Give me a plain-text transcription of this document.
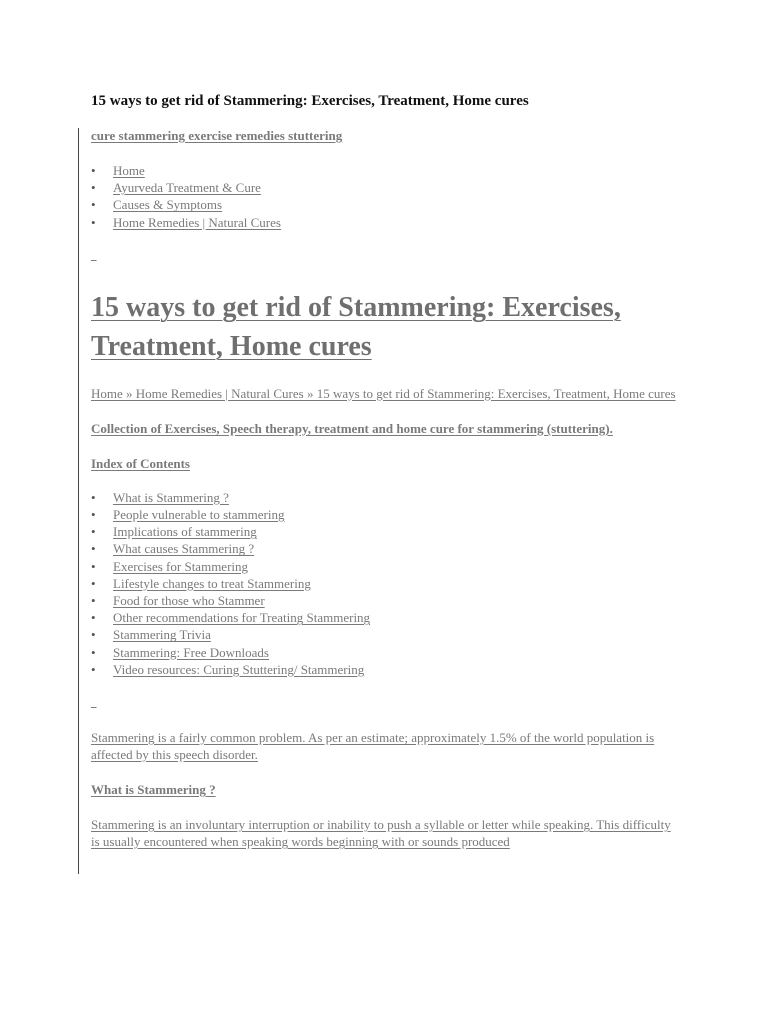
15 ways to get rid of Stammering: Exercises, Treatment, Home cures

cure stammering exercise remedies stuttering

• Home
• Ayurveda Treatment & Cure
• Causes & Symptoms
• Home Remedies | Natural Cures
_
15 ways to get rid of Stammering: Exercises, Treatment, Home cures

Home » Home Remedies | Natural Cures » 15 ways to get rid of Stammering: Exercises, Treatment, Home cures

Collection of Exercises, Speech therapy, treatment and home cure for stammering (stuttering).

Index of Contents

• What is Stammering ?
• People vulnerable to stammering
• Implications of stammering
• What causes Stammering ?
• Exercises for Stammering
• Lifestyle changes to treat Stammering
• Food for those who Stammer
• Other recommendations for Treating Stammering
• Stammering Trivia
• Stammering: Free Downloads
• Video resources: Curing Stuttering/ Stammering
_

Stammering is a fairly common problem. As per an estimate; approximately 1.5% of the world population is affected by this speech disorder.

What is Stammering ?

Stammering is an involuntary interruption or inability to push a syllable or letter while speaking. This difficulty is usually encountered when speaking words beginning with or sounds produced
